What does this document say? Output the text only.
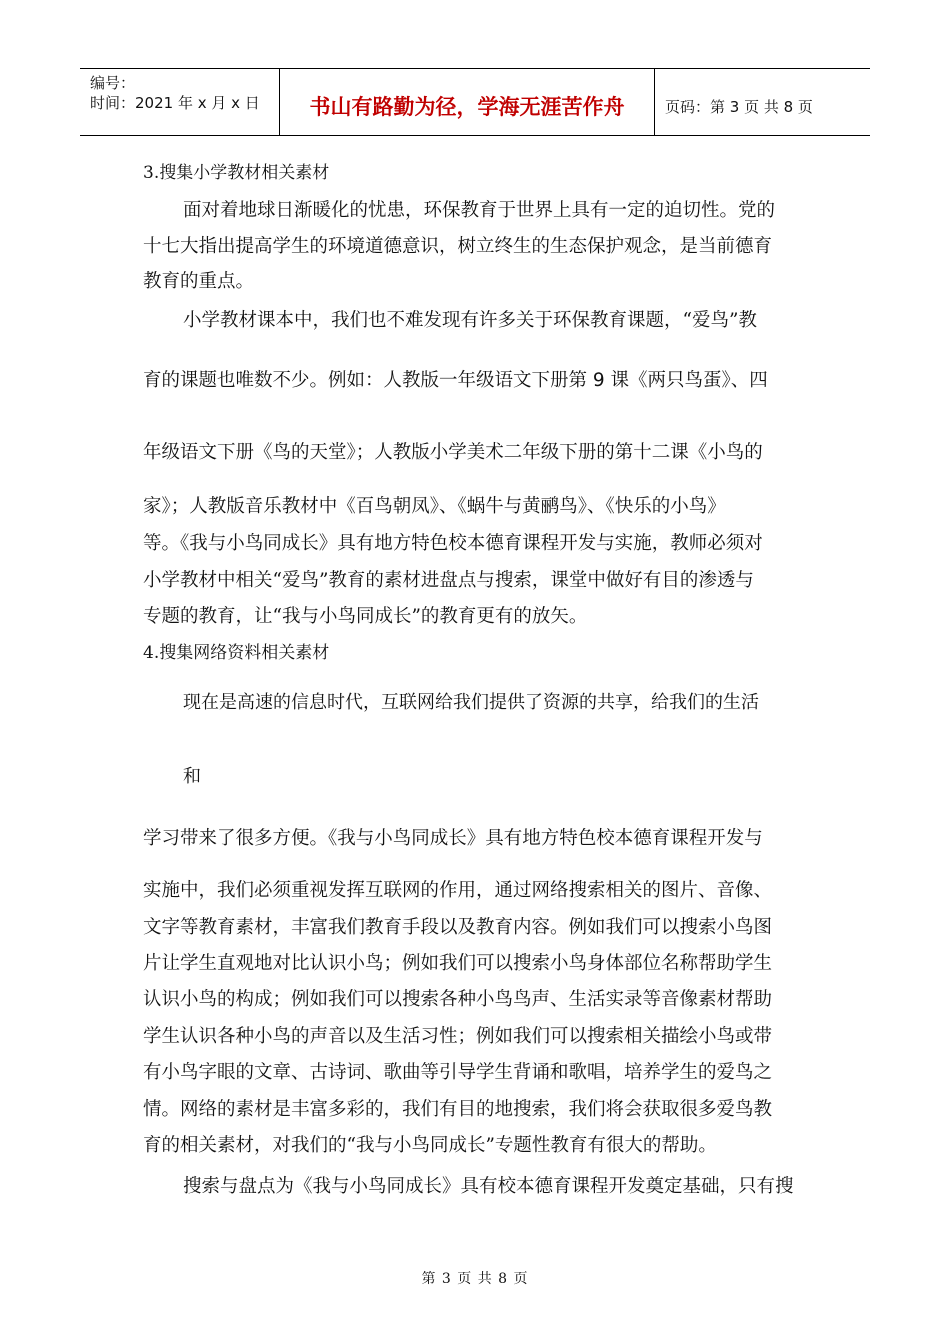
编号：
时间：2021 年 x 月 x 日	书山有路勤为径，学海无涯苦作舟	页码：第 3 页 共 8 页
3.搜集小学教材相关素材
面对着地球日渐暖化的忧患，环保教育于世界上具有一定的迫切性。党的
十七大指出提高学生的环境道德意识，树立终生的生态保护观念，是当前德育
教育的重点。
小学教材课本中，我们也不难发现有许多关于环保教育课题，“爱鸟”教
育的课题也唯数不少。例如：人教版一年级语文下册第 9 课《两只鸟蛋》、四
年级语文下册《鸟的天堂》；人教版小学美术二年级下册的第十二课《小鸟的
家》；人教版音乐教材中《百鸟朝凤》、《蜗牛与黄鹂鸟》、《快乐的小鸟》
等。《我与小鸟同成长》具有地方特色校本德育课程开发与实施，教师必须对
小学教材中相关“爱鸟”教育的素材进盘点与搜索，课堂中做好有目的渗透与
专题的教育，让“我与小鸟同成长”的教育更有的放矢。
4.搜集网络资料相关素材
现在是高速的信息时代，互联网给我们提供了资源的共享，给我们的生活
和
学习带来了很多方便。《我与小鸟同成长》具有地方特色校本德育课程开发与
实施中，我们必须重视发挥互联网的作用，通过网络搜索相关的图片、音像、
文字等教育素材，丰富我们教育手段以及教育内容。例如我们可以搜索小鸟图
片让学生直观地对比认识小鸟；例如我们可以搜索小鸟身体部位名称帮助学生
认识小鸟的构成；例如我们可以搜索各种小鸟鸟声、生活实录等音像素材帮助
学生认识各种小鸟的声音以及生活习性；例如我们可以搜索相关描绘小鸟或带
有小鸟字眼的文章、古诗词、歌曲等引导学生背诵和歌唱，培养学生的爱鸟之
情。网络的素材是丰富多彩的，我们有目的地搜索，我们将会获取很多爱鸟教
育的相关素材，对我们的“我与小鸟同成长”专题性教育有很大的帮助。
搜索与盘点为《我与小鸟同成长》具有校本德育课程开发奠定基础，只有搜
第 3 页 共 8 页
